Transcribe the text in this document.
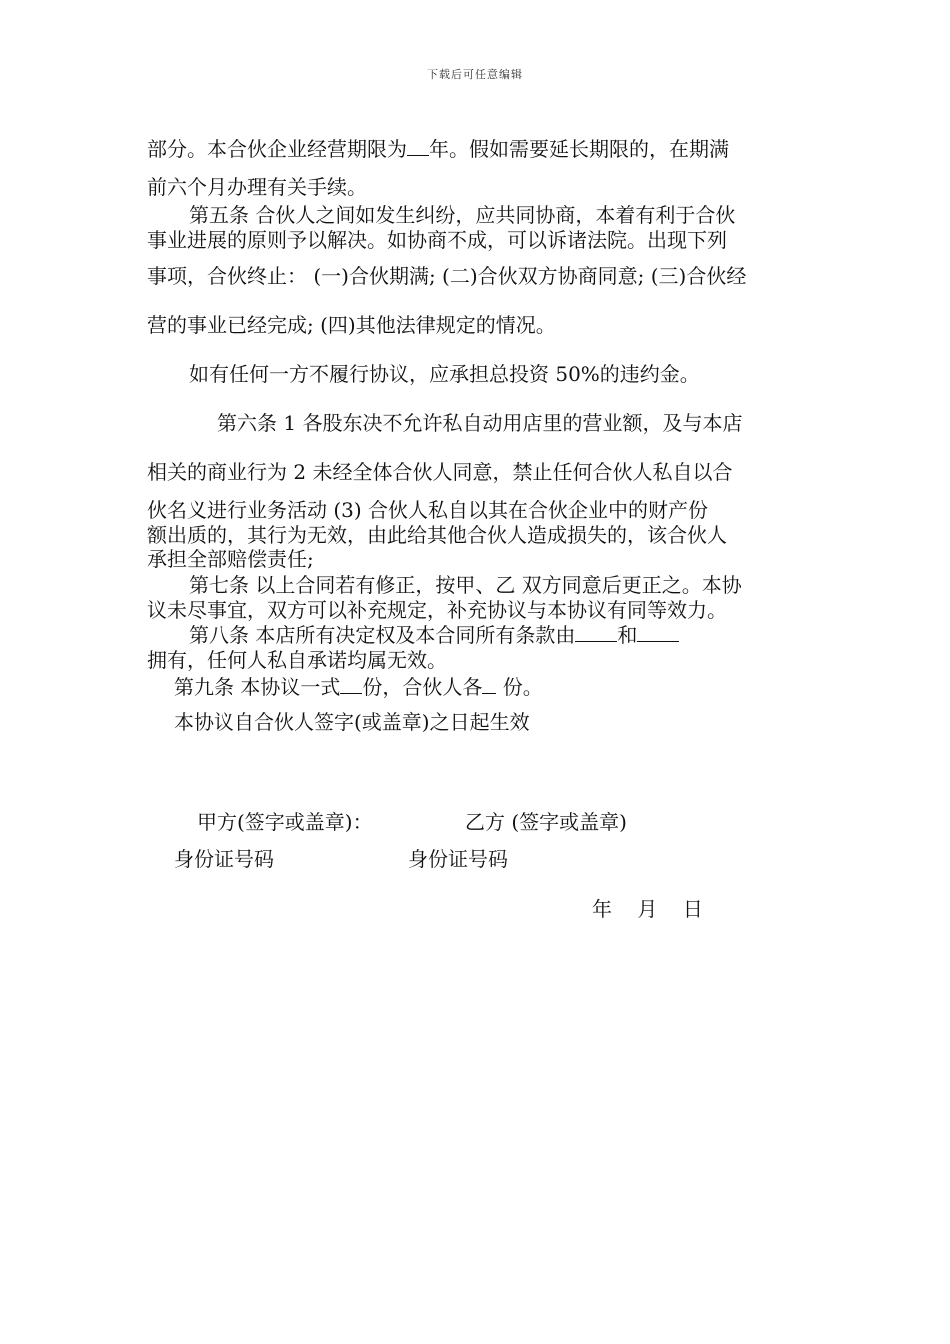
下载后可任意编辑
部分。本合伙企业经营期限为 年。假如需要延长期限的，在期满
前六个月办理有关手续。
第五条 合伙人之间如发生纠纷，应共同协商，本着有利于合伙
事业进展的原则予以解决。如协商不成，可以诉诸法院。出现下列
事项，合伙终止： (一)合伙期满; (二)合伙双方协商同意; (三)合伙经
营的事业已经完成; (四)其他法律规定的情况。
如有任何一方不履行协议，应承担总投资 50%的违约金。
第六条 1 各股东决不允许私自动用店里的营业额，及与本店
相关的商业行为 2 未经全体合伙人同意，禁止任何合伙人私自以合
伙名义进行业务活动 (3) 合伙人私自以其在合伙企业中的财产份
额出质的，其行为无效，由此给其他合伙人造成损失的，该合伙人
承担全部赔偿责任;
第七条 以上合同若有修正，按甲、乙 双方同意后更正之。本协
议未尽事宜，双方可以补充规定，补充协议与本协议有同等效力。
第八条 本店所有决定权及本合同所有条款由 和
拥有，任何人私自承诺均属无效。
第九条 本协议一式 份，合伙人各 份。
本协议自合伙人签字(或盖章)之日起生效
甲方(签字或盖章)：	乙方 (签字或盖章)
身份证号码	身份证号码
年    月    日
